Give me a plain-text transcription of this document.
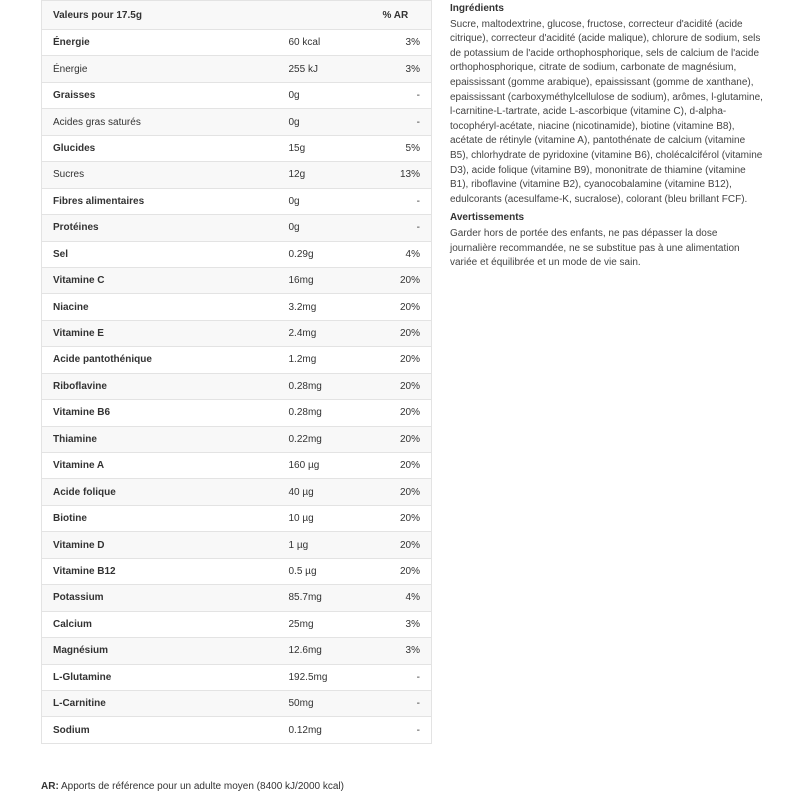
Valeurs pour 17.5g		% AR
Énergie	60 kcal	3%
Énergie	255 kJ	3%
Graisses	0g	-
Acides gras saturés	0g	-
Glucides	15g	5%
Sucres	12g	13%
Fibres alimentaires	0g	-
Protéines	0g	-
Sel	0.29g	4%
Vitamine C	16mg	20%
Niacine	3.2mg	20%
Vitamine E	2.4mg	20%
Acide pantothénique	1.2mg	20%
Riboflavine	0.28mg	20%
Vitamine B6	0.28mg	20%
Thiamine	0.22mg	20%
Vitamine A	160 µg	20%
Acide folique	40 µg	20%
Biotine	10 µg	20%
Vitamine D	1 µg	20%
Vitamine B12	0.5 µg	20%
Potassium	85.7mg	4%
Calcium	25mg	3%
Magnésium	12.6mg	3%
L-Glutamine	192.5mg	-
L-Carnitine	50mg	-
Sodium	0.12mg	-
AR: Apports de référence pour un adulte moyen (8400 kJ/2000 kcal)
Ingrédients

Sucre, maltodextrine, glucose, fructose, correcteur d'acidité (acide citrique), correcteur d'acidité (acide malique), chlorure de sodium, sels de potassium de l'acide orthophosphorique, sels de calcium de l'acide orthophosphorique, citrate de sodium, carbonate de magnésium, epaississant (gomme arabique), epaississant (gomme de xanthane), epaississant (carboxyméthylcellulose de sodium), arômes, l-glutamine, l-carnitine-L-tartrate, acide L-ascorbique (vitamine C), d-alpha-tocophéryl-acétate, niacine (nicotinamide), biotine (vitamine B8), acétate de rétinyle (vitamine A), pantothénate de calcium (vitamine B5), chlorhydrate de pyridoxine (vitamine B6), cholécalciférol (vitamine D3), acide folique (vitamine B9), mononitrate de thiamine (vitamine B1), riboflavine (vitamine B2), cyanocobalamine (vitamine B12), edulcorants (acesulfame-K, sucralose), colorant (bleu brillant FCF).

Avertissements

Garder hors de portée des enfants, ne pas dépasser la dose journalière recommandée, ne se substitue pas à une alimentation variée et équilibrée et un mode de vie sain.
